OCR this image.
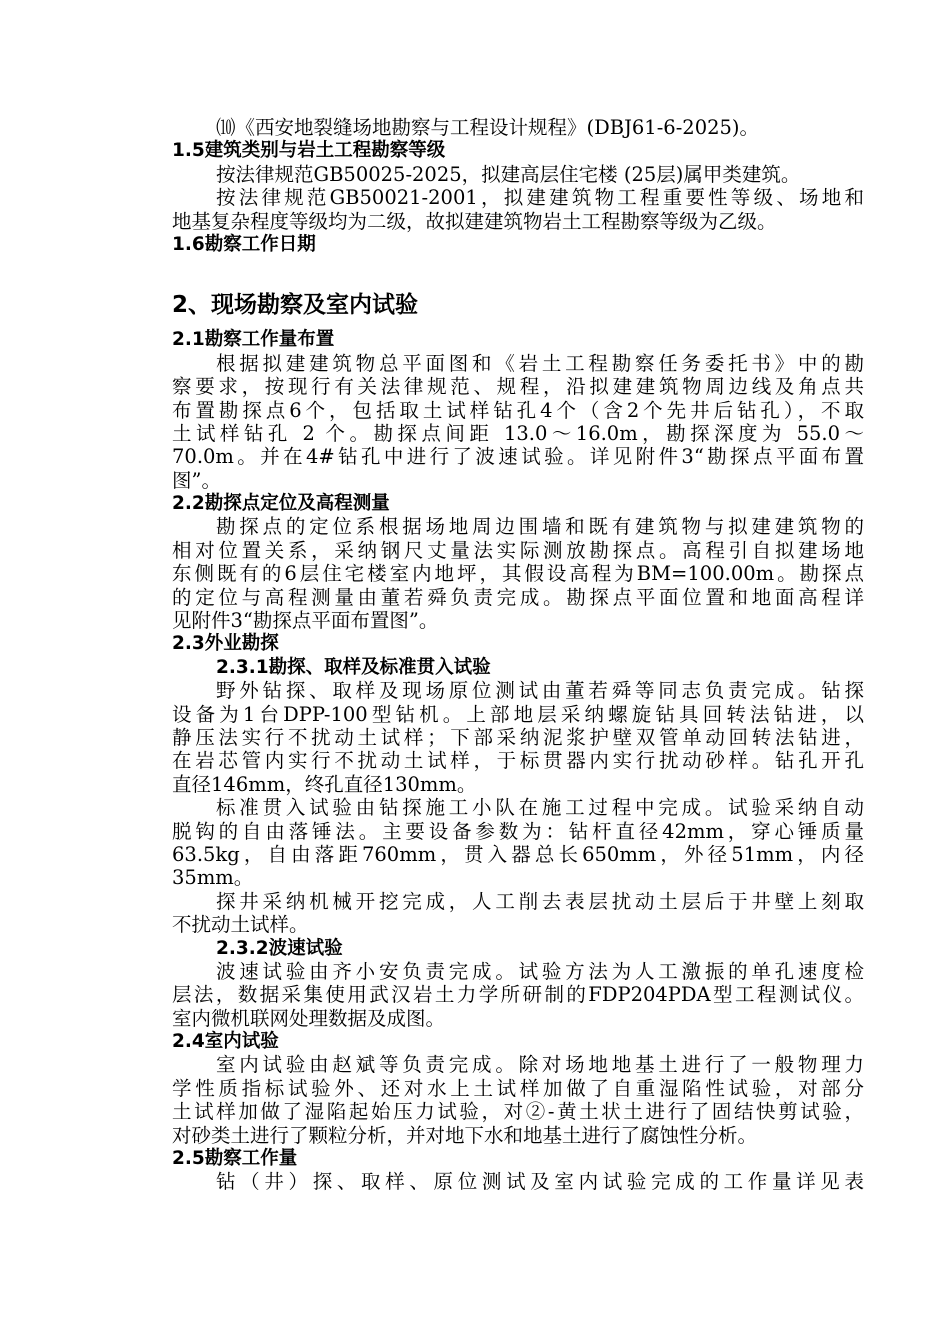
⑽《西安地裂缝场地勘察与工程设计规程》(DBJ61-6-2025)。
1.5建筑类别与岩土工程勘察等级
按法律规范GB50025-2025，拟建高层住宅楼 (25层)属甲类建筑。
按法律规范GB50021-2001，拟建建筑物工程重要性等级、场地和
地基复杂程度等级均为二级，故拟建建筑物岩土工程勘察等级为乙级。
1.6勘察工作日期
2、现场勘察及室内试验
2.1勘察工作量布置
根据拟建建筑物总平面图和《岩土工程勘察任务委托书》中的勘
察要求，按现行有关法律规范、规程，沿拟建建筑物周边线及角点共
布置勘探点6个，包括取土试样钻孔4个（含2个先井后钻孔），不取
土试样钻孔 2 个。勘探点间距 13.0～16.0m，勘探深度为 55.0～
70.0m。并在4#钻孔中进行了波速试验。详见附件3“勘探点平面布置
图”。
2.2勘探点定位及高程测量
勘探点的定位系根据场地周边围墙和既有建筑物与拟建建筑物的
相对位置关系，采纳钢尺丈量法实际测放勘探点。高程引自拟建场地
东侧既有的6层住宅楼室内地坪，其假设高程为BM=100.00m。勘探点
的定位与高程测量由董若舜负责完成。勘探点平面位置和地面高程详
见附件3“勘探点平面布置图”。
2.3外业勘探
2.3.1勘探、取样及标准贯入试验
野外钻探、取样及现场原位测试由董若舜等同志负责完成。钻探
设备为1台DPP-100型钻机。上部地层采纳螺旋钻具回转法钻进，以
静压法实行不扰动土试样；下部采纳泥浆护壁双管单动回转法钻进，
在岩芯管内实行不扰动土试样，于标贯器内实行扰动砂样。钻孔开孔
直径146mm，终孔直径130mm。
标准贯入试验由钻探施工小队在施工过程中完成。试验采纳自动
脱钩的自由落锤法。主要设备参数为：钻杆直径42mm，穿心锤质量
63.5kg，自由落距760mm，贯入器总长650mm，外径51mm，内径
35mm。
探井采纳机械开挖完成，人工削去表层扰动土层后于井壁上刻取
不扰动土试样。
2.3.2波速试验
波速试验由齐小安负责完成。试验方法为人工激振的单孔速度检
层法，数据采集使用武汉岩土力学所研制的FDP204PDA型工程测试仪。
室内微机联网处理数据及成图。
2.4室内试验
室内试验由赵斌等负责完成。除对场地地基土进行了一般物理力
学性质指标试验外、还对水上土试样加做了自重湿陷性试验，对部分
土试样加做了湿陷起始压力试验，对②-黄土状土进行了固结快剪试验，
对砂类土进行了颗粒分析，并对地下水和地基土进行了腐蚀性分析。
2.5勘察工作量
钻（井）探、取样、原位测试及室内试验完成的工作量详见表
